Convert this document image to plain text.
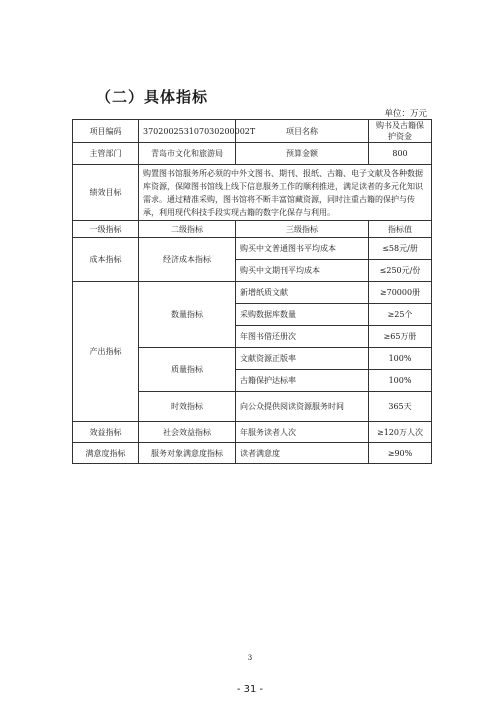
（二）具体指标
单位：万元
项目编码	370200253107030200002T	项目名称	购书及古籍保护资金
主管部门	青岛市文化和旅游局	预算金额	800
绩效目标	购置图书馆服务所必须的中外文图书、期刊、报纸、古籍、电子文献及各种数据库资源，保障图书馆线上线下信息服务工作的顺利推进，满足读者的多元化知识需求。通过精准采购，图书馆将不断丰富馆藏资源，同时注重古籍的保护与传承，利用现代科技手段实现古籍的数字化保存与利用。		
一级指标	二级指标	三级指标	指标值
成本指标	经济成本指标	购买中文普通图书平均成本	≤58元/册
		购买中文期刊平均成本	≤250元/份
产出指标	数量指标	新增纸质文献	≥70000册
		采购数据库数量	≥25个
		年图书借还册次	≥65万册
	质量指标	文献资源正版率	100%
		古籍保护达标率	100%
	时效指标	向公众提供阅读资源服务时间	365天
效益指标	社会效益指标	年服务读者人次	≥120万人次
满意度指标	服务对象满意度指标	读者满意度	≥90%
3
- 31 -
